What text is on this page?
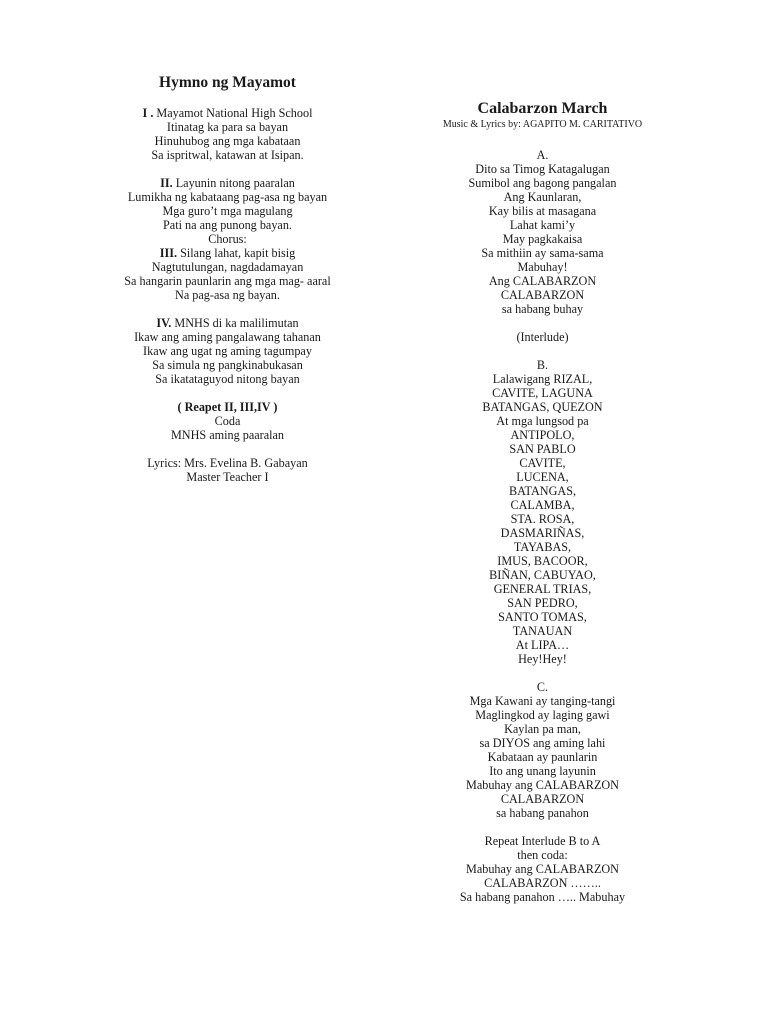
Hymno ng Mayamot
I . Mayamot National High School
Itinatag ka para sa bayan
Hinuhubog ang mga kabataan
Sa ispritwal, katawan at Isipan.
II. Layunin nitong paaralan
Lumikha ng kabataang pag-asa ng bayan
Mga guro’t mga magulang
Pati na ang punong bayan.
Chorus:
III. Silang lahat, kapit bisig
Nagtutulungan, nagdadamayan
Sa hangarin paunlarin ang mga mag- aaral
Na pag-asa ng bayan.
IV. MNHS di ka malilimutan
Ikaw ang aming pangalawang tahanan
Ikaw ang ugat ng aming tagumpay
Sa simula ng pangkinabukasan
Sa ikatataguyod nitong bayan
( Reapet II, III,IV )
Coda
MNHS aming paaralan
Lyrics: Mrs. Evelina B. Gabayan
Master Teacher I
Calabarzon March
Music & Lyrics by: AGAPITO M. CARITATIVO
A.
Dito sa Timog Katagalugan
Sumibol ang bagong pangalan
Ang Kaunlaran,
Kay bilis at masagana
Lahat kami’y
May pagkakaisa
Sa mithiin ay sama-sama
Mabuhay!
Ang CALABARZON
CALABARZON
sa habang buhay
(Interlude)
B.
Lalawigang RIZAL,
CAVITE, LAGUNA
BATANGAS, QUEZON
At mga lungsod pa
ANTIPOLO,
SAN PABLO
CAVITE,
LUCENA,
BATANGAS,
CALAMBA,
STA. ROSA,
DASMARIÑAS,
TAYABAS,
IMUS, BACOOR,
BIÑAN, CABUYAO,
GENERAL TRIAS,
SAN PEDRO,
SANTO TOMAS,
TANAUAN
At LIPA…
Hey!Hey!
C.
Mga Kawani ay tanging-tangi
Maglingkod ay laging gawi
Kaylan pa man,
sa DIYOS ang aming lahi
Kabataan ay paunlarin
Ito ang unang layunin
Mabuhay ang CALABARZON
CALABARZON
sa habang panahon
Repeat Interlude B to A
then coda:
Mabuhay ang CALABARZON
CALABARZON ……..
Sa habang panahon ….. Mabuhay
